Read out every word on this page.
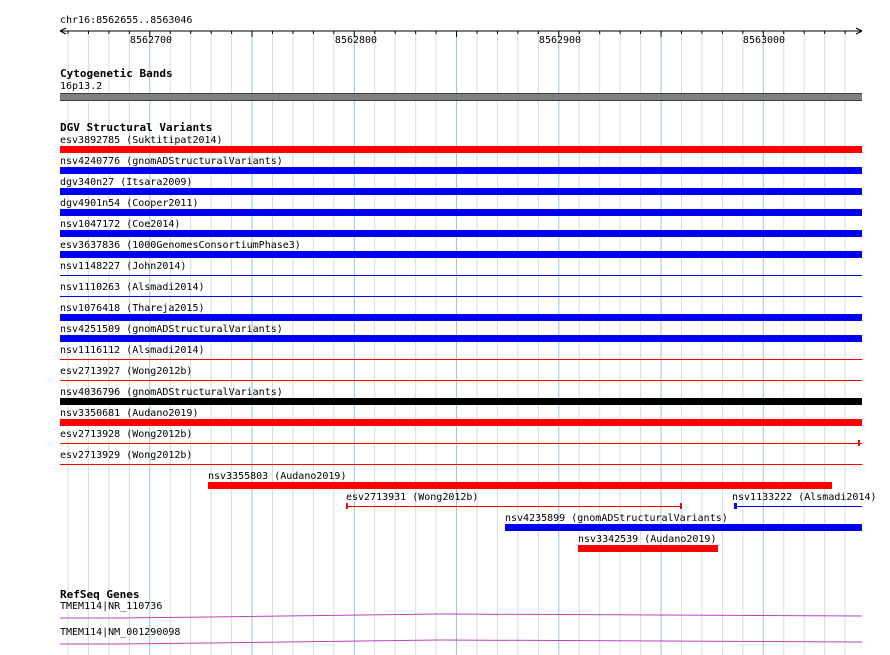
chr16:8562655..8563046
8562700	8562800	8562900	8563000
Cytogenetic Bands
16p13.2
DGV Structural Variants
esv3892785 (Suktitipat2014)
nsv4240776 (gnomADStructuralVariants)
dgv340n27 (Itsara2009)
dgv4901n54 (Cooper2011)
nsv1047172 (Coe2014)
esv3637836 (1000GenomesConsortiumPhase3)
nsv1148227 (John2014)
nsv1110263 (Alsmadi2014)
nsv1076418 (Thareja2015)
nsv4251509 (gnomADStructuralVariants)
nsv1116112 (Alsmadi2014)
esv2713927 (Wong2012b)
nsv4036796 (gnomADStructuralVariants)
nsv3350681 (Audano2019)
esv2713928 (Wong2012b)
esv2713929 (Wong2012b)
nsv3355803 (Audano2019)
esv2713931 (Wong2012b)	nsv1133222 (Alsmadi2014)
nsv4235899 (gnomADStructuralVariants)
nsv3342539 (Audano2019)
RefSeq Genes
TMEM114|NR_110736
TMEM114|NM_001290098
